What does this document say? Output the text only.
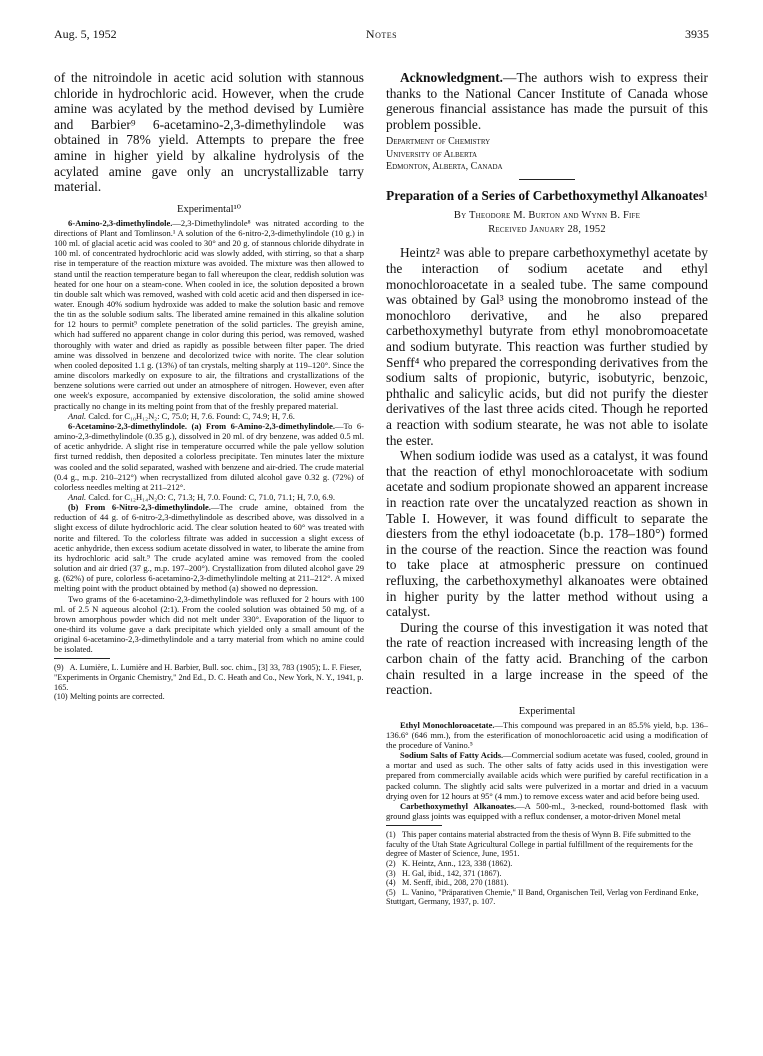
Aug. 5, 1952	Notes	3935

of the nitroindole in acetic acid solution with stannous chloride in hydrochloric acid. However, when the crude amine was acylated by the method devised by Lumière and Barbier⁹ 6-acetamino-2,3-dimethylindole was obtained in 78% yield. Attempts to prepare the free amine in higher yield by alkaline hydrolysis of the acylated amine gave only an uncrystallizable tarry material.

Experimental¹⁰

6-Amino-2,3-dimethylindole.—2,3-Dimethylindole⁸ was nitrated according to the directions of Plant and Tomlinson.¹ A solution of the 6-nitro-2,3-dimethylindole (10 g.) in 100 ml. of glacial acetic acid was cooled to 30° and 20 g. of stannous chloride dihydrate in 100 ml. of concentrated hydrochloric acid was slowly added, with stirring, so that a sharp rise in temperature of the reaction mixture was avoided. The mixture was then allowed to stand until the reaction temperature began to fall whereupon the clear, reddish solution was heated for one hour on a steam-cone. When cooled in ice, the solution deposited a brown tin double salt which was removed, washed with cold acetic acid and then dispersed in ice-water. Enough 40% sodium hydroxide was added to make the solution basic and remove the tin as the soluble sodium salts. The liberated amine remained in this alkaline solution for 12 hours to permit⁹ complete penetration of the solid particles. The greyish amine, which had suffered no apparent change in color during this period, was removed, washed thoroughly with water and dried as rapidly as possible between filter paper. The dried amine was dissolved in benzene and decolorized twice with norite. The clear solution when cooled deposited 1.1 g. (13%) of tan crystals, melting sharply at 119–120°. Since the amine discolors markedly on exposure to air, the filtrations and crystallizations of the benzene solutions were carried out under an atmosphere of nitrogen. However, even after one week's exposure, accompanied by extensive discoloration, the solid amine showed practically no change in its melting point from that of the freshly prepared material.

Anal. Calcd. for C₁₀H₁₂N₂: C, 75.0; H, 7.6. Found: C, 74.9; H, 7.6.

6-Acetamino-2,3-dimethylindole. (a) From 6-Amino-2,3-dimethylindole.—To 6-amino-2,3-dimethylindole (0.35 g.), dissolved in 20 ml. of dry benzene, was added 0.5 ml. of acetic anhydride. A slight rise in temperature occurred while the pale yellow solution first turned reddish, then deposited a colorless precipitate. Ten minutes later the mixture was cooled and the solid separated, washed with benzene and air-dried. The crude material (0.4 g., m.p. 210–212°) when recrystallized from diluted alcohol gave 0.32 g. (72%) of colorless needles melting at 211–212°.

Anal. Calcd. for C₁₂H₁₄N₂O: C, 71.3; H, 7.0. Found: C, 71.0, 71.1; H, 7.0, 6.9.

(b) From 6-Nitro-2,3-dimethylindole.—The crude amine, obtained from the reduction of 44 g. of 6-nitro-2,3-dimethylindole as described above, was dissolved in a slight excess of dilute hydrochloric acid. The clear solution heated to 60° was treated with norite and filtered. To the colorless filtrate was added in succession a slight excess of acetic anhydride, then excess sodium acetate dissolved in water, to liberate the amine from its hydrochloric acid salt.⁹ The crude acylated amine was removed from the cooled solution and air dried (37 g., m.p. 197–200°). Crystallization from diluted alcohol gave 29 g. (62%) of pure, colorless 6-acetamino-2,3-dimethylindole melting at 211–212°. A mixed melting point with the product obtained by method (a) showed no depression.

Two grams of the 6-acetamino-2,3-dimethylindole was refluxed for 2 hours with 100 ml. of 2.5 N aqueous alcohol (2:1). From the cooled solution was obtained 50 mg. of a brown amorphous powder which did not melt under 330°. Evaporation of the liquor to one-third its volume gave a dark precipitate which yielded only a small amount of the original 6-acetamino-2,3-dimethylindole and a tarry material from which no amine could be isolated.

(9) A. Lumière, L. Lumière and H. Barbier, Bull. soc. chim., [3] 33, 783 (1905); L. F. Fieser, "Experiments in Organic Chemistry," 2nd Ed., D. C. Heath and Co., New York, N. Y., 1941, p. 165.

(10) Melting points are corrected.

Acknowledgment.—The authors wish to express their thanks to the National Cancer Institute of Canada whose generous financial assistance has made the pursuit of this problem possible.

Department of Chemistry
University of Alberta
Edmonton, Alberta, Canada
Preparation of a Series of Carbethoxymethyl Alkanoates¹
By Theodore M. Burton and Wynn B. Fife
Received January 28, 1952

Heintz² was able to prepare carbethoxymethyl acetate by the interaction of sodium acetate and ethyl monochloroacetate in a sealed tube. The same compound was obtained by Gal³ using the monobromo instead of the monochloro derivative, and he also prepared carbethoxymethyl butyrate from ethyl monobromoacetate and sodium butyrate. This reaction was further studied by Senff⁴ who prepared the corresponding derivatives from the sodium salts of propionic, butyric, isobutyric, benzoic, phthalic and salicylic acids, but did not purify the diester derivatives of the last three acids cited. Though he reported a reaction with sodium stearate, he was not able to isolate the ester.

When sodium iodide was used as a catalyst, it was found that the reaction of ethyl monochloroacetate with sodium acetate and sodium propionate showed an apparent increase in reaction rate over the uncatalyzed reaction as shown in Table I. However, it was found difficult to separate the diesters from the ethyl iodoacetate (b.p. 178–180°) formed in the course of the reaction. Since the reaction was found to take place at atmospheric pressure on continued refluxing, the carbethoxymethyl alkanoates were obtained in higher purity by the latter method without using a catalyst.

During the course of this investigation it was noted that the rate of reaction increased with increasing length of the carbon chain of the fatty acid. Branching of the carbon chain resulted in a large increase in the speed of the reaction.

Experimental

Ethyl Monochloroacetate.—This compound was prepared in an 85.5% yield, b.p. 136–136.6° (646 mm.), from the esterification of monochloroacetic acid using a modification of the procedure of Vanino.⁵

Sodium Salts of Fatty Acids.—Commercial sodium acetate was fused, cooled, ground in a mortar and used as such. The other salts of fatty acids used in this investigation were prepared from commercially available acids which were purified by careful rectification in a packed column. The slightly acid salts were pulverized in a mortar and dried in a vacuum drying oven for 12 hours at 95° (4 mm.) to remove excess water and acid before being used.

Carbethoxymethyl Alkanoates.—A 500-ml., 3-necked, round-bottomed flask with ground glass joints was equipped with a reflux condenser, a motor-driven Monel metal

(1) This paper contains material abstracted from the thesis of Wynn B. Fife submitted to the faculty of the Utah State Agricultural College in partial fulfillment of the requirements for the degree of Master of Science, June, 1951.

(2) K. Heintz, Ann., 123, 338 (1862).

(3) H. Gal, ibid., 142, 371 (1867).

(4) M. Senff, ibid., 208, 270 (1881).

(5) L. Vanino, "Präparativen Chemie," II Band, Organischen Teil, Verlag von Ferdinand Enke, Stuttgart, Germany, 1937, p. 107.
